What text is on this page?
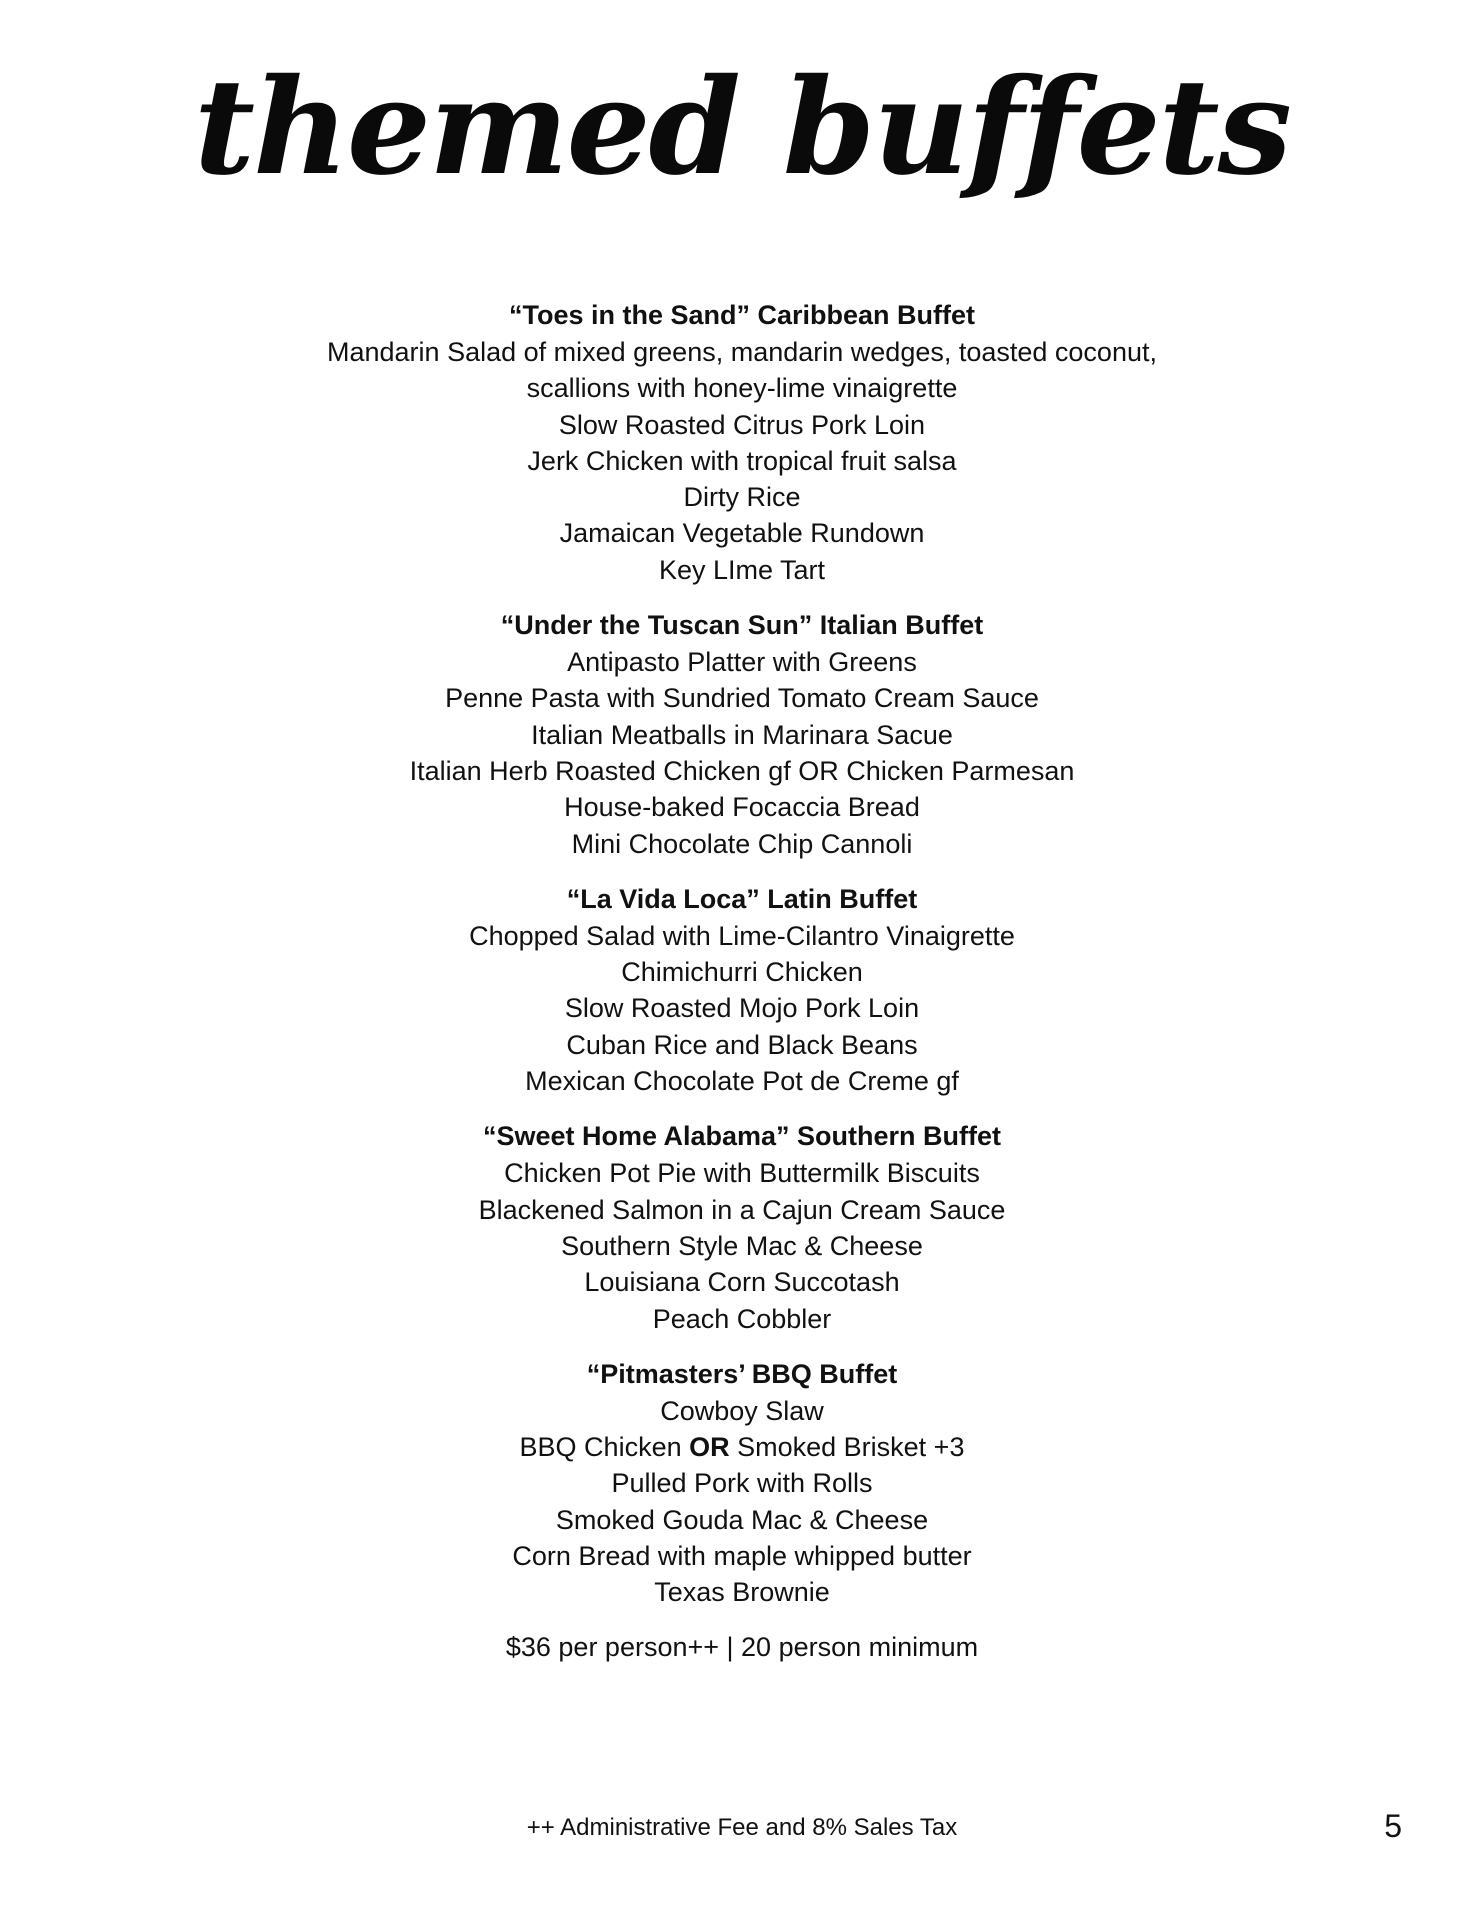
themed buffets
“Toes in the Sand” Caribbean Buffet
Mandarin Salad of mixed greens, mandarin wedges, toasted coconut,
scallions with honey-lime vinaigrette
Slow Roasted Citrus Pork Loin
Jerk Chicken with tropical fruit salsa
Dirty Rice
Jamaican Vegetable Rundown
Key LIme Tart
“Under the Tuscan Sun” Italian Buffet
Antipasto Platter with Greens
Penne Pasta with Sundried Tomato Cream Sauce
Italian Meatballs in Marinara Sacue
Italian Herb Roasted Chicken gf OR Chicken Parmesan
House-baked Focaccia Bread
Mini Chocolate Chip Cannoli
“La Vida Loca” Latin Buffet
Chopped Salad with Lime-Cilantro Vinaigrette
Chimichurri Chicken
Slow Roasted Mojo Pork Loin
Cuban Rice and Black Beans
Mexican Chocolate Pot de Creme gf
“Sweet Home Alabama” Southern Buffet
Chicken Pot Pie with Buttermilk Biscuits
Blackened Salmon in a Cajun Cream Sauce
Southern Style Mac & Cheese
Louisiana Corn Succotash
Peach Cobbler
“Pitmasters’ BBQ Buffet
Cowboy Slaw
BBQ Chicken OR Smoked Brisket +3
Pulled Pork with Rolls
Smoked Gouda Mac & Cheese
Corn Bread with maple whipped butter
Texas Brownie
$36 per person++ | 20 person minimum
++ Administrative Fee and 8% Sales Tax	5
